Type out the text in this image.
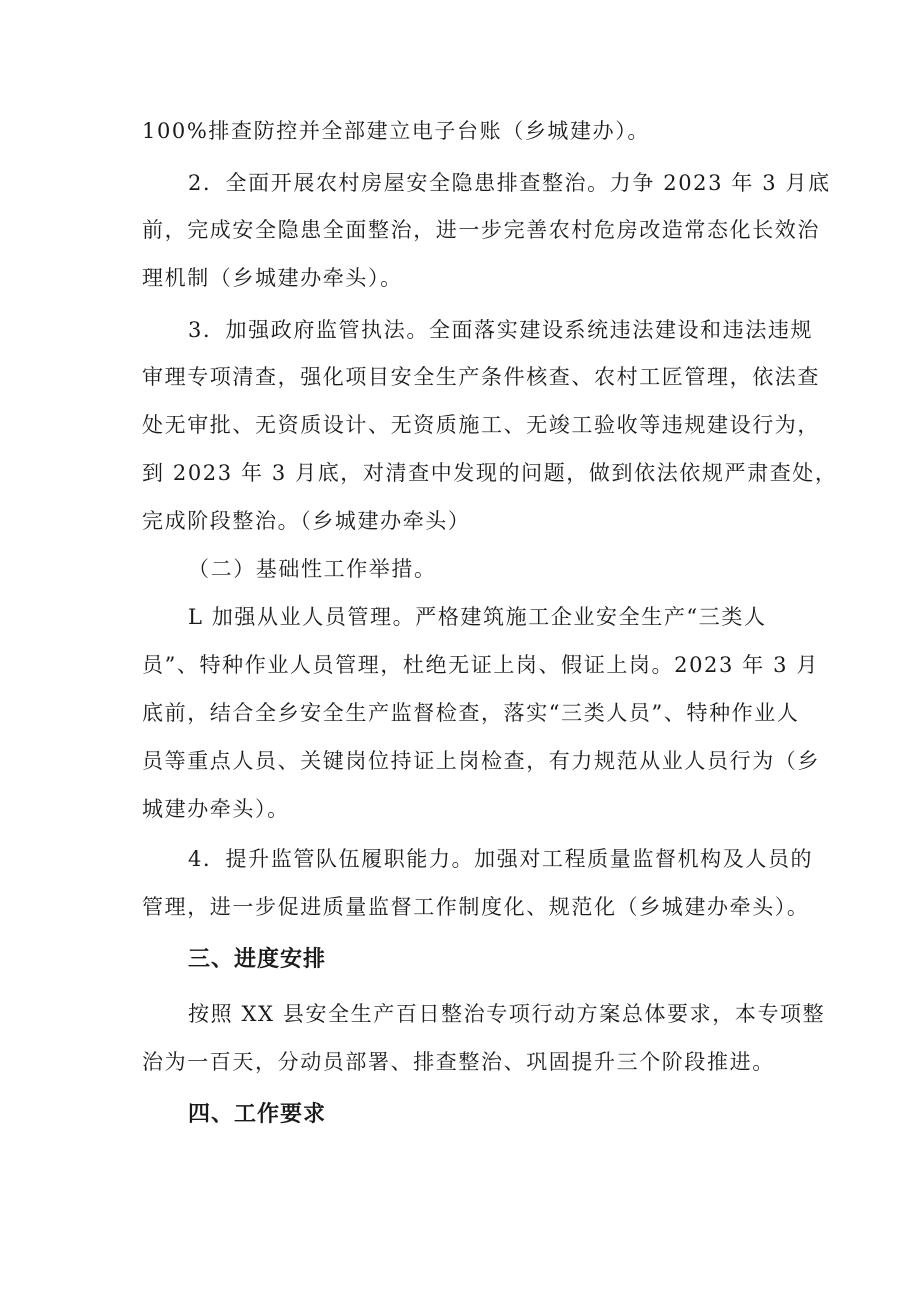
100%排查防控并全部建立电子台账（乡城建办）。
2．全面开展农村房屋安全隐患排查整治。力争 2023 年 3 月底
前，完成安全隐患全面整治，进一步完善农村危房改造常态化长效治
理机制（乡城建办牵头）。
3．加强政府监管执法。全面落实建设系统违法建设和违法违规
审理专项清查，强化项目安全生产条件核查、农村工匠管理，依法查
处无审批、无资质设计、无资质施工、无竣工验收等违规建设行为，
到 2023 年 3 月底，对清查中发现的问题，做到依法依规严肃查处，
完成阶段整治。（乡城建办牵头）
（二）基础性工作举措。
L 加强从业人员管理。严格建筑施工企业安全生产“三类人
员”、特种作业人员管理，杜绝无证上岗、假证上岗。2023 年 3 月
底前，结合全乡安全生产监督检查，落实“三类人员”、特种作业人
员等重点人员、关键岗位持证上岗检查，有力规范从业人员行为（乡
城建办牵头）。
4．提升监管队伍履职能力。加强对工程质量监督机构及人员的
管理，进一步促进质量监督工作制度化、规范化（乡城建办牵头）。
三、进度安排
按照 XX 县安全生产百日整治专项行动方案总体要求，本专项整
治为一百天，分动员部署、排查整治、巩固提升三个阶段推进。
四、工作要求
